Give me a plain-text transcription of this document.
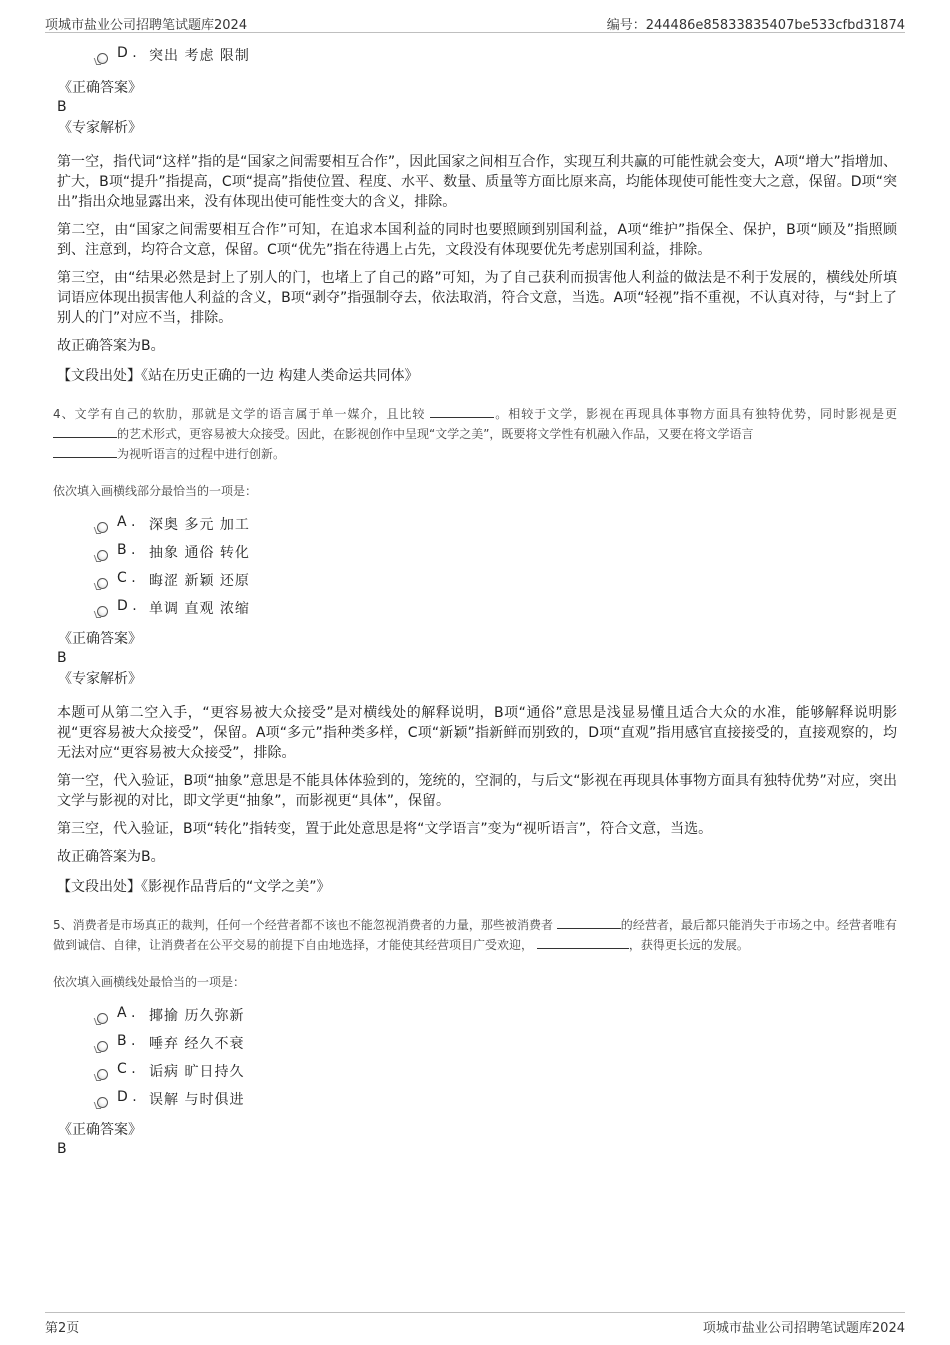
项城市盐业公司招聘笔试题库2024	编号：244486e85833835407be533cfbd31874
D . 突出 考虑 限制
《正确答案》
B
《专家解析》

第一空，指代词“这样”指的是“国家之间需要相互合作”，因此国家之间相互合作，实现互利共赢的可能性就会变大，A项“增大”指增加、扩大，B项“提升”指提高，C项“提高”指使位置、程度、水平、数量、质量等方面比原来高，均能体现使可能性变大之意，保留。D项“突出”指出众地显露出来，没有体现出使可能性变大的含义，排除。

第二空，由“国家之间需要相互合作”可知，在追求本国利益的同时也要照顾到别国利益，A项“维护”指保全、保护，B项“顾及”指照顾到、注意到，均符合文意，保留。C项“优先”指在待遇上占先，文段没有体现要优先考虑别国利益，排除。

第三空，由“结果必然是封上了别人的门，也堵上了自己的路”可知，为了自己获利而损害他人利益的做法是不利于发展的，横线处所填词语应体现出损害他人利益的含义，B项“剥夺”指强制夺去，依法取消，符合文意，当选。A项“轻视”指不重视，不认真对待，与“封上了别人的门”对应不当，排除。

故正确答案为B。

【文段出处】《站在历史正确的一边 构建人类命运共同体》
4、文学有自己的软肋，那就是文学的语言属于单一媒介，且比较	。相较于文学，影视在再现具体事物方面具有独特优势，同时影视是更 的艺术形式，更容易被大众接受。因此，在影视创作中呈现“文学之美”，既要将文学性有机融入作品，又要在将文学语言
为视听语言的过程中进行创新。
依次填入画横线部分最恰当的一项是：
A . 深奥 多元 加工
B . 抽象 通俗 转化
C . 晦涩 新颖 还原
D . 单调 直观 浓缩
《正确答案》
B
《专家解析》

本题可从第二空入手，“更容易被大众接受”是对横线处的解释说明，B项“通俗”意思是浅显易懂且适合大众的水准，能够解释说明影视“更容易被大众接受”，保留。A项“多元”指种类多样，C项“新颖”指新鲜而别致的，D项“直观”指用感官直接接受的，直接观察的，均无法对应“更容易被大众接受”，排除。

第一空，代入验证，B项“抽象”意思是不能具体体验到的，笼统的，空洞的，与后文“影视在再现具体事物方面具有独特优势”对应，突出文学与影视的对比，即文学更“抽象”，而影视更“具体”，保留。

第三空，代入验证，B项“转化”指转变，置于此处意思是将“文学语言”变为“视听语言”，符合文意，当选。

故正确答案为B。

【文段出处】《影视作品背后的“文学之美”》
5、消费者是市场真正的裁判，任何一个经营者都不该也不能忽视消费者的力量，那些被消费者	的经营者，最后都只能消失于市场之中。经营者唯有做到诚信、自律，让消费者在公平交易的前提下自由地选择，才能使其经营项目广受欢迎，	，获得更长远的发展。
依次填入画横线处最恰当的一项是：
A . 揶揄 历久弥新
B . 唾弃 经久不衰
C . 诟病 旷日持久
D . 误解 与时俱进
《正确答案》
B
第2页	项城市盐业公司招聘笔试题库2024
